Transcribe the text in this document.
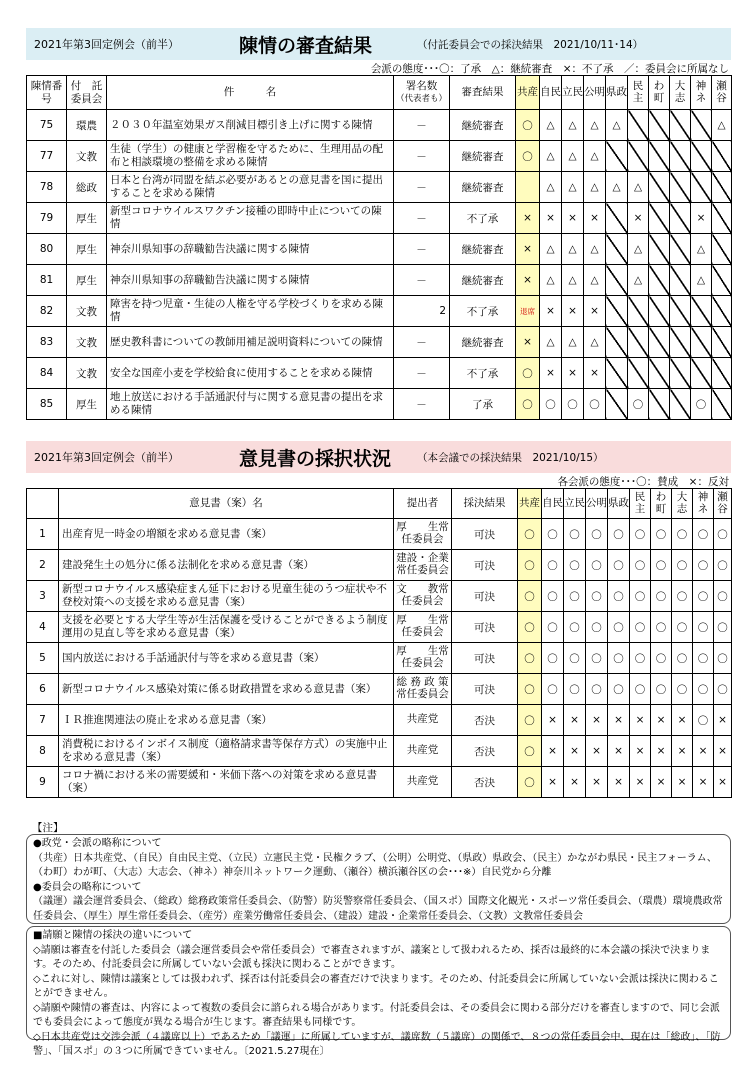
2021年第3回定例会（前半）	陳情の審査結果	（付託委員会での採決結果　2021/10/11･14）
会派の態度･･･〇：了承　△：継続審査　×：不了承　／：委員会に所属なし
陳情番号	付　託委員会	件　　　名	署名数
（代表者も）	審査結果	共産	自民	立民	公明	県政	民主	わ町	大志	神ネ	瀬谷
75	環農	２０３０年温室効果ガス削減目標引き上げに関する陳情	－	継続審査	〇	△	△	△	△					△
77	文教	生徒（学生）の健康と学習権を守るために、生理用品の配布と相談環境の整備を求める陳情	－	継続審査	〇	△	△	△						
78	総政	日本と台湾が同盟を結ぶ必要があるとの意見書を国に提出することを求める陳情	－	継続審査		△	△	△	△	△				
79	厚生	新型コロナウイルスワクチン接種の即時中止についての陳情	－	不了承	×	×	×	×		×			×	
80	厚生	神奈川県知事の辞職勧告決議に関する陳情	－	継続審査	×	△	△	△		△			△	
81	厚生	神奈川県知事の辞職勧告決議に関する陳情	－	継続審査	×	△	△	△		△			△	
82	文教	障害を持つ児童・生徒の人権を守る学校づくりを求める陳情	2	不了承	退席	×	×	×						
83	文教	歴史教科書についての教師用補足説明資料についての陳情	－	継続審査	×	△	△	△						
84	文教	安全な国産小麦を学校給食に使用することを求める陳情	－	不了承	〇	×	×	×						
85	厚生	地上放送における手話通訳付与に関する意見書の提出を求める陳情	－	了承	〇	〇	〇	〇		〇			〇	
2021年第3回定例会（前半）	意見書の採択状況	（本会議での採決結果　2021/10/15）
各会派の態度･･･〇：賛成　×：反対
	意見書（案）名	提出者	採決結果	共産	自民	立民	公明	県政	民主	わ町	大志	神ネ	瀬谷
1	出産育児一時金の増額を求める意見書（案）	厚　　生常任委員会	可決	〇	〇	〇	〇	〇	〇	〇	〇	〇	〇
2	建設発生土の処分に係る法制化を求める意見書（案）	建設・企業常任委員会	可決	〇	〇	〇	〇	〇	〇	〇	〇	〇	〇
3	新型コロナウイルス感染症まん延下における児童生徒のうつ症状や不登校対策への支援を求める意見書（案）	文　　教常任委員会	可決	〇	〇	〇	〇	〇	〇	〇	〇	〇	〇
4	支援を必要とする大学生等が生活保護を受けることができるよう制度運用の見直し等を求める意見書（案）	厚　　生常任委員会	可決	〇	〇	〇	〇	〇	〇	〇	〇	〇	〇
5	国内放送における手話通訳付与等を求める意見書（案）	厚　　生常任委員会	可決	〇	〇	〇	〇	〇	〇	〇	〇	〇	〇
6	新型コロナウイルス感染対策に係る財政措置を求める意見書（案）	総 務 政 策常任委員会	可決	〇	〇	〇	〇	〇	〇	〇	〇	〇	〇
7	ＩＲ推進関連法の廃止を求める意見書（案）	共産党	否決	〇	×	×	×	×	×	×	×	〇	×
8	消費税におけるインボイス制度（適格請求書等保存方式）の実施中止を求める意見書（案）	共産党	否決	〇	×	×	×	×	×	×	×	×	×
9	コロナ禍における米の需要緩和・米価下落への対策を求める意見書（案）	共産党	否決	〇	×	×	×	×	×	×	×	×	×
【注】

●政党・会派の略称について

（共産）日本共産党、（自民）自由民主党、（立民）立憲民主党・民権クラブ、（公明）公明党、（県政）県政会、（民主）かながわ県民・民主フォーラム、（わ町）わが町、（大志）大志会、（神ネ）神奈川ネットワーク運動、（瀬谷）横浜瀬谷区の会･･･※）自民党から分離

●委員会の略称について

（議運）議会運営委員会、（総政）総務政策常任委員会、（防警）防災警察常任委員会、（国スポ）国際文化観光・スポーツ常任委員会、（環農）環境農政常任委員会、（厚生）厚生常任委員会、（産労）産業労働常任委員会、（建設）建設・企業常任委員会、（文教）文教常任委員会

■請願と陳情の採決の違いについて

◇請願は審査を付託した委員会（議会運営委員会や常任委員会）で審査されますが、議案として扱われるため、採否は最終的に本会議の採決で決まります。そのため、付託委員会に所属していない会派も採決に関わることができます。

◇これに対し、陳情は議案としては扱われず、採否は付託委員会の審査だけで決まります。そのため、付託委員会に所属していない会派は採決に関わることができません。

◇請願や陳情の審査は、内容によって複数の委員会に諮られる場合があります。付託委員会は、その委員会に関わる部分だけを審査しますので、同じ会派でも委員会によって態度が異なる場合が生じます。審査結果も同様です。

◇日本共産党は交渉会派（４議席以上）であるため「議運」に所属していますが、議席数（５議席）の関係で、８つの常任委員会中、現在は「総政」、「防警」、「国スポ」の３つに所属できていません。〔2021.5.27現在〕
